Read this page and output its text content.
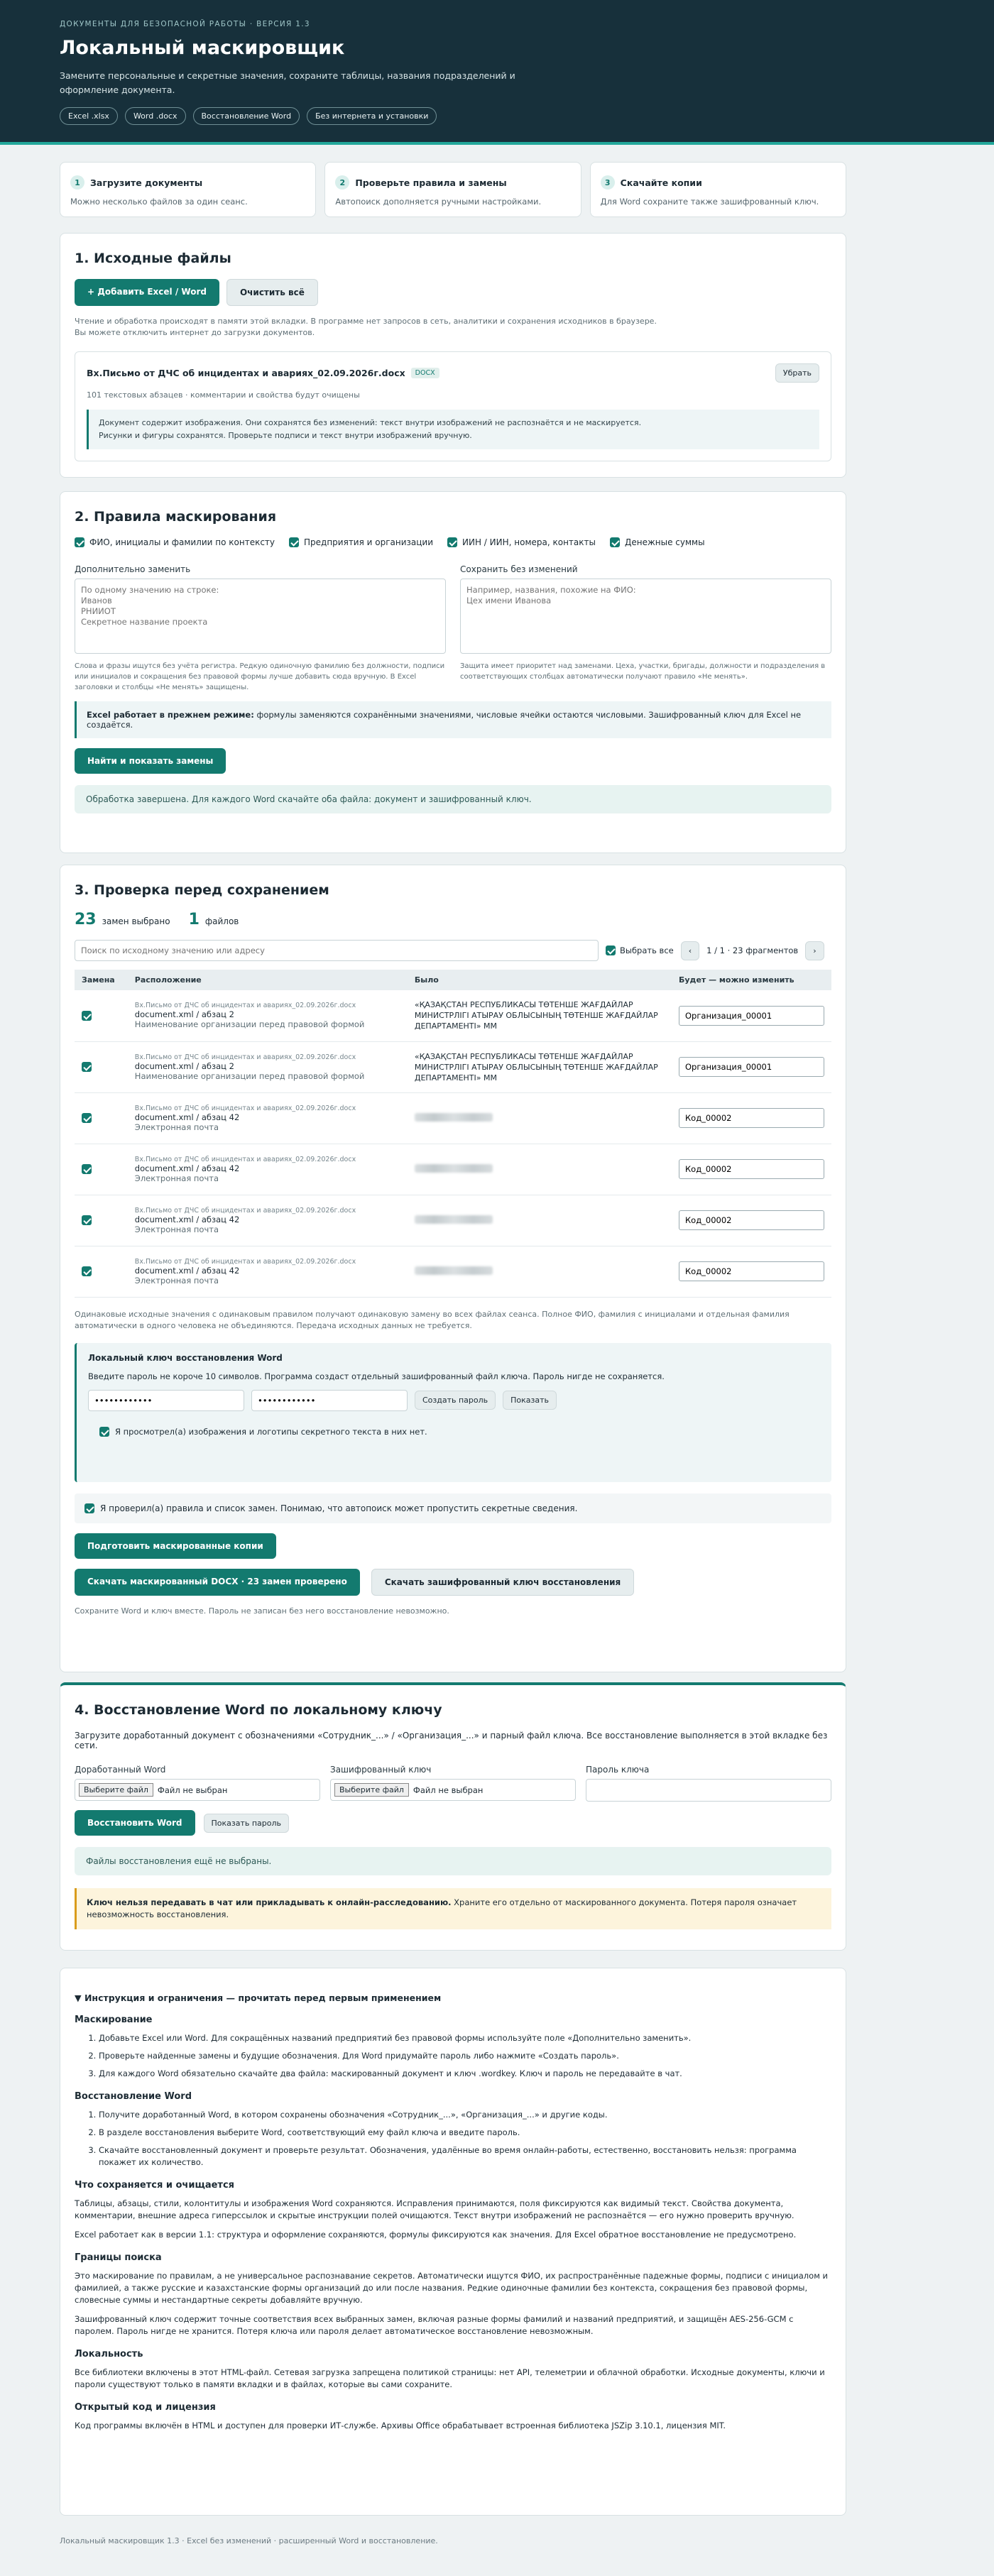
ДОКУМЕНТЫ ДЛЯ БЕЗОПАСНОЙ РАБОТЫ · ВЕРСИЯ 1.3
Локальный маскировщик
Замените персональные и секретные значения, сохраните таблицы, названия подразделений и оформление документа.
Excel .xlsx	Word .docx	Восстановление Word	Без интернета и установки
1	Загрузите документы
Можно несколько файлов за один сеанс.
2	Проверьте правила и замены
Автопоиск дополняется ручными настройками.
3	Скачайте копии
Для Word сохраните также зашифрованный ключ.
1. Исходные файлы
+ Добавить Excel / Word	Очистить всё
Чтение и обработка происходят в памяти этой вкладки. В программе нет запросов в сеть, аналитики и сохранения исходников в браузере. Вы можете отключить интернет до загрузки документов.
Вх.Письмо от ДЧС об инцидентах и авариях_02.09.2026г.docx	DOCX	Убрать
101 текстовых абзацев · комментарии и свойства будут очищены
Документ содержит изображения. Они сохранятся без изменений: текст внутри изображений не распознаётся и не маскируется.
Рисунки и фигуры сохранятся. Проверьте подписи и текст внутри изображений вручную.
2. Правила маскирования
ФИО, инициалы и фамилии по контексту	Предприятия и организации	ИИН / ИИН, номера, контакты	Денежные суммы
Дополнительно заменить
По одному значению на строке: Иванов РНИИОТ Секретное название проекта
Слова и фразы ищутся без учёта регистра. Редкую одиночную фамилию без должности, подписи или инициалов и сокращения без правовой формы лучше добавить сюда вручную. В Excel заголовки и столбцы «Не менять» защищены.
Сохранить без изменений
Например, названия, похожие на ФИО: Цех имени Иванова
Защита имеет приоритет над заменами. Цеха, участки, бригады, должности и подразделения в соответствующих столбцах автоматически получают правило «Не менять».
Excel работает в прежнем режиме: формулы заменяются сохранёнными значениями, числовые ячейки остаются числовыми. Зашифрованный ключ для Excel не создаётся.
Найти и показать замены
Обработка завершена. Для каждого Word скачайте оба файла: документ и зашифрованный ключ.
3. Проверка перед сохранением
23 замен выбрано 1 файлов
Поиск по исходному значению или адресу
Выбрать все	‹	1 / 1 · 23 фрагментов	›
Замена	Расположение	Было	Будет — можно изменить

	Вх.Письмо от ДЧС об инцидентах и авариях_02.09.2026г.docx
document.xml / абзац 2
Наименование организации перед правовой формой	«ҚАЗАҚСТАН РЕСПУБЛИКАСЫ ТӨТЕНШЕ ЖАҒДАЙЛАР МИНИСТРЛІГІ АТЫРАУ ОБЛЫСЫНЫҢ ТӨТЕНШЕ ЖАҒДАЙЛАР ДЕПАРТАМЕНТІ» ММ	Организация_00001

	Вх.Письмо от ДЧС об инцидентах и авариях_02.09.2026г.docx
document.xml / абзац 2
Наименование организации перед правовой формой	«ҚАЗАҚСТАН РЕСПУБЛИКАСЫ ТӨТЕНШЕ ЖАҒДАЙЛАР МИНИСТРЛІГІ АТЫРАУ ОБЛЫСЫНЫҢ ТӨТЕНШЕ ЖАҒДАЙЛАР ДЕПАРТАМЕНТІ» ММ	Организация_00001

	Вх.Письмо от ДЧС об инцидентах и авариях_02.09.2026г.docx
document.xml / абзац 42
Электронная почта
		Код_00002

	Вх.Письмо от ДЧС об инцидентах и авариях_02.09.2026г.docx
document.xml / абзац 42
Электронная почта
		Код_00002

	Вх.Письмо от ДЧС об инцидентах и авариях_02.09.2026г.docx
document.xml / абзац 42
Электронная почта
		Код_00002

	Вх.Письмо от ДЧС об инцидентах и авариях_02.09.2026г.docx
document.xml / абзац 42
Электронная почта
		Код_00002
Одинаковые исходные значения с одинаковым правилом получают одинаковую замену во всех файлах сеанса. Полное ФИО, фамилия с инициалами и отдельная фамилия автоматически в одного человека не объединяются. Передача исходных данных не требуется.
Локальный ключ восстановления Word
Введите пароль не короче 10 символов. Программа создаст отдельный зашифрованный файл ключа. Пароль нигде не сохраняется.
••••••••••••
••••••••••••
Создать пароль	Показать
Я просмотрел(а) изображения и логотипы секретного текста в них нет.
Я проверил(а) правила и список замен. Понимаю, что автопоиск может пропустить секретные сведения.
Подготовить маскированные копии
Скачать маскированный DOCX · 23 замен проверено	Скачать зашифрованный ключ восстановления
Сохраните Word и ключ вместе. Пароль не записан без него восстановление невозможно.
4. Восстановление Word по локальному ключу
Загрузите доработанный документ с обозначениями «Сотрудник_...» / «Организация_...» и парный файл ключа. Все восстановление выполняется в этой вкладке без сети.
Доработанный Word
Выберите файл	Файл не выбран
Зашифрованный ключ
Выберите файл	Файл не выбран
Пароль ключа
Восстановить Word	Показать пароль
Файлы восстановления ещё не выбраны.
Ключ нельзя передавать в чат или прикладывать к онлайн-расследованию. Храните его отдельно от маскированного документа. Потеря пароля означает невозможность восстановления.
▼ Инструкция и ограничения — прочитать перед первым применением
Маскирование
1. Добавьте Excel или Word. Для сокращённых названий предприятий без правовой формы используйте поле «Дополнительно заменить».
2. Проверьте найденные замены и будущие обозначения. Для Word придумайте пароль либо нажмите «Создать пароль».
3. Для каждого Word обязательно скачайте два файла: маскированный документ и ключ .wordkey. Ключ и пароль не передавайте в чат.
Восстановление Word
1. Получите доработанный Word, в котором сохранены обозначения «Сотрудник_...», «Организация_...» и другие коды.
2. В разделе восстановления выберите Word, соответствующий ему файл ключа и введите пароль.
3. Скачайте восстановленный документ и проверьте результат. Обозначения, удалённые во время онлайн-работы, естественно, восстановить нельзя: программа покажет их количество.
Что сохраняется и очищается

Таблицы, абзацы, стили, колонтитулы и изображения Word сохраняются. Исправления принимаются, поля фиксируются как видимый текст. Свойства документа, комментарии, внешние адреса гиперссылок и скрытые инструкции полей очищаются. Текст внутри изображений не распознаётся — его нужно проверить вручную.

Excel работает как в версии 1.1: структура и оформление сохраняются, формулы фиксируются как значения. Для Excel обратное восстановление не предусмотрено.

Границы поиска

Это маскирование по правилам, а не универсальное распознавание секретов. Автоматически ищутся ФИО, их распространённые падежные формы, подписи с инициалом и фамилией, а также русские и казахстанские формы организаций до или после названия. Редкие одиночные фамилии без контекста, сокращения без правовой формы, словесные суммы и нестандартные секреты добавляйте вручную.

Зашифрованный ключ содержит точные соответствия всех выбранных замен, включая разные формы фамилий и названий предприятий, и защищён AES-256-GCM с паролем. Пароль нигде не хранится. Потеря ключа или пароля делает автоматическое восстановление невозможным.

Локальность

Все библиотеки включены в этот HTML-файл. Сетевая загрузка запрещена политикой страницы: нет API, телеметрии и облачной обработки. Исходные документы, ключи и пароли существуют только в памяти вкладки и в файлах, которые вы сами сохраните.

Открытый код и лицензия

Код программы включён в HTML и доступен для проверки ИТ-службе. Архивы Office обрабатывает встроенная библиотека JSZip 3.10.1, лицензия MIT.

Локальный маскировщик 1.3 · Excel без изменений · расширенный Word и восстановление.
